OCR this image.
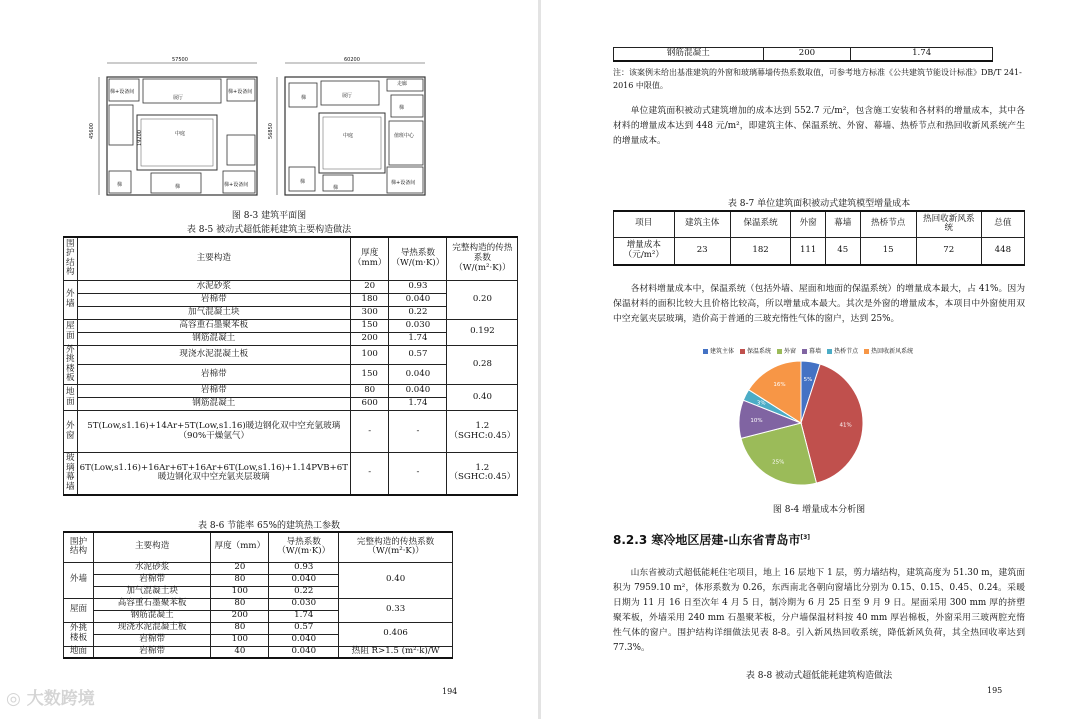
57500
45600	19200
展厅
中庭
梯+设备间	梯+设备间
梯	梯	梯+设备间
60200
56850
走廊
展厅
梯
梯
中庭	值班中心
梯
梯
梯+设备间
图 8-3 建筑平面图
表 8-5 被动式超低能耗建筑主要构造做法
围护结构	主要构造	厚度（mm）	导热系数（W/(m·K)）	完整构造的传热系数（W/(m²·K)）
外墙	水泥砂浆	20	0.93	0.20
	岩棉带	180	0.040	
	加气混凝土块	300	0.22	
屋面	高容重石墨聚苯板	150	0.030	0.192
	钢筋混凝土	200	1.74	
外挑楼板	现浇水泥混凝土板	100	0.57	0.28
	岩棉带	150	0.040	
地面	岩棉带	80	0.040	0.40
	钢筋混凝土	600	1.74	
外窗	5T(Low,s1.16)+14Ar+5T(Low,s1.16)暖边钢化双中空充氩玻璃（90%干燥氩气）	-	-	1.2（SGHC:0.45）
玻璃幕墙	6T(Low,s1.16)+16Ar+6T+16Ar+6T(Low,s1.16)+1.14PVB+6T暖边钢化双中空充氩夹层玻璃	-	-	1.2（SGHC:0.45）
表 8-6 节能率 65%的建筑热工参数
围护结构	主要构造	厚度（mm）	导热系数（W/(m·K)）	完整构造的传热系数（W/(m²·K)）
外墙	水泥砂浆	20	0.93	0.40
	岩棉带	80	0.040	
	加气混凝土块	100	0.22	
屋面	高容重石墨聚苯板	80	0.030	0.33
	钢筋混凝土	200	1.74	
外挑楼板	现浇水泥混凝土板	80	0.57	0.406
	岩棉带	100	0.040	
地面	岩棉带	40	0.040	热阻 R>1.5 (m²·k)/W
194
◎ 大数跨境
钢筋混凝土	200	1.74
注：该案例未给出基准建筑的外窗和玻璃幕墙传热系数取值，可参考地方标准《公共建筑节能设计标准》DB/T 241-2016 中限值。
单位建筑面积被动式建筑增加的成本达到 552.7 元/m²，包含施工安装和各材料的增量成本，其中各材料的增量成本达到 448 元/m²，即建筑主体、保温系统、外窗、幕墙、热桥节点和热回收新风系统产生的增量成本。
表 8-7 单位建筑面积被动式建筑模型增量成本
项目	建筑主体	保温系统	外窗	幕墙	热桥节点	热回收新风系统	总值
增量成本（元/m²）	23	182	111	45	15	72	448
各材料增量成本中，保温系统（包括外墙、屋面和地面的保温系统）的增量成本最大，占 41%。因为保温材料的面积比较大且价格比较高，所以增量成本最大。其次是外窗的增量成本，本项目中外窗使用双中空充氩夹层玻璃，造价高于普通的三玻充惰性气体的窗户，达到 25%。
建筑主体	保温系统	外窗	幕墙	热桥节点	热回收新风系统
5%
41%
25%
10%
3%
16%
图 8-4 增量成本分析图
8.2.3 寒冷地区居建-山东省青岛市[3]
山东省被动式超低能耗住宅项目，地上 16 层地下 1 层，剪力墙结构，建筑高度为 51.30 m，建筑面积为 7959.10 m²，体形系数为 0.26，东西南北各朝向窗墙比分别为 0.15、0.15、0.45、0.24。采暖日期为 11 月 16 日至次年 4 月 5 日，制冷期为 6 月 25 日至 9 月 9 日。屋面采用 300 mm 厚的挤塑聚苯板，外墙采用 240 mm 石墨聚苯板，分户墙保温材料按 40 mm 厚岩棉板，外窗采用三玻两腔充惰性气体的窗户。围护结构详细做法见表 8-8。引入新风热回收系统，降低新风负荷，其全热回收率达到 77.3%。
表 8-8 被动式超低能耗建筑构造做法
195
